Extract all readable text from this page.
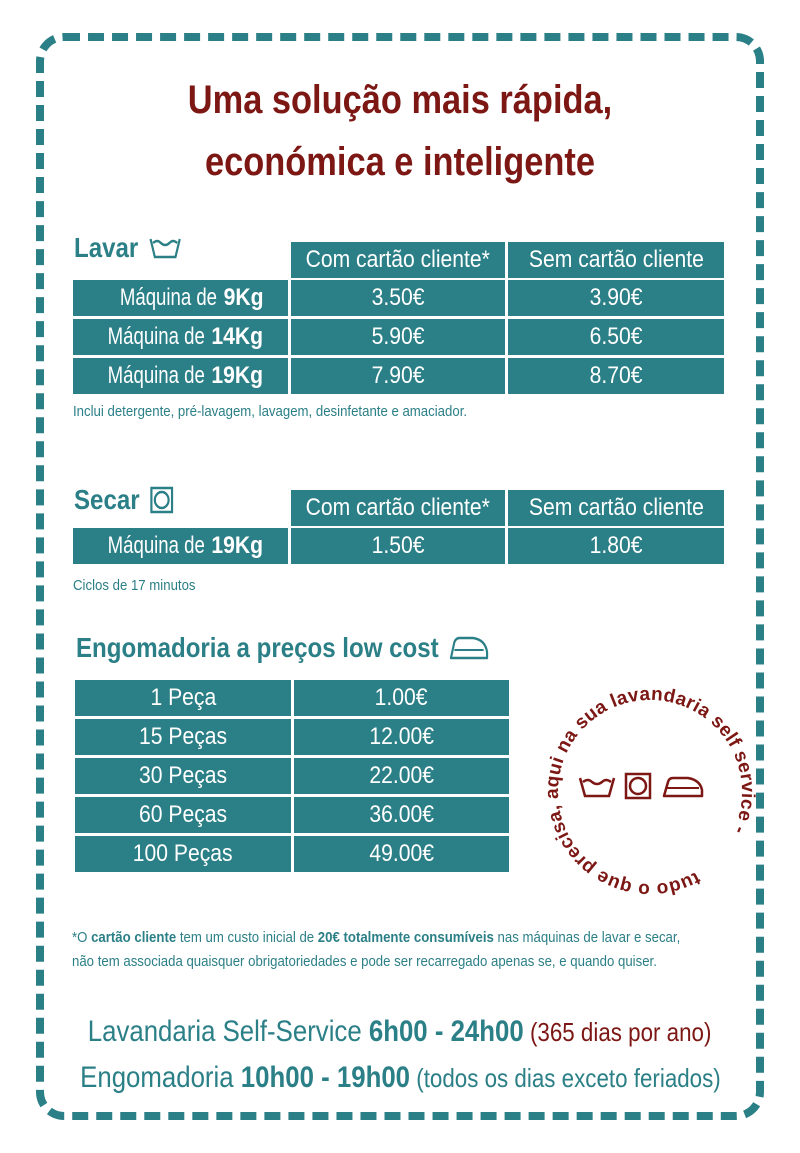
Uma solução mais rápida,
económica e inteligente
Lavar	Com cartão cliente*	Sem cartão cliente
Máquina de9Kg	3.50€	3.90€
Máquina de14Kg	5.90€	6.50€
Máquina de19Kg	7.90€	8.70€
Inclui detergente, pré-lavagem, lavagem, desinfetante e amaciador.
Secar	Com cartão cliente*	Sem cartão cliente
Máquina de19Kg	1.50€	1.80€
Ciclos de 17 minutos
Engomadoria a preços low cost
1 Peça	1.00€
15 Peças	12.00€
30 Peças	22.00€
60 Peças	36.00€
100 Peças	49.00€
tudo o que precisa, aqui na sua lavandaria self service -
*O cartão cliente tem um custo inicial de 20€ totalmente consumíveis nas máquinas de lavar e secar,
não tem associada quaisquer obrigatoriedades e pode ser recarregado apenas se, e quando quiser.
Lavandaria Self-Service 6h00 - 24h00 (365 dias por ano)
Engomadoria 10h00 - 19h00 (todos os dias exceto feriados)
